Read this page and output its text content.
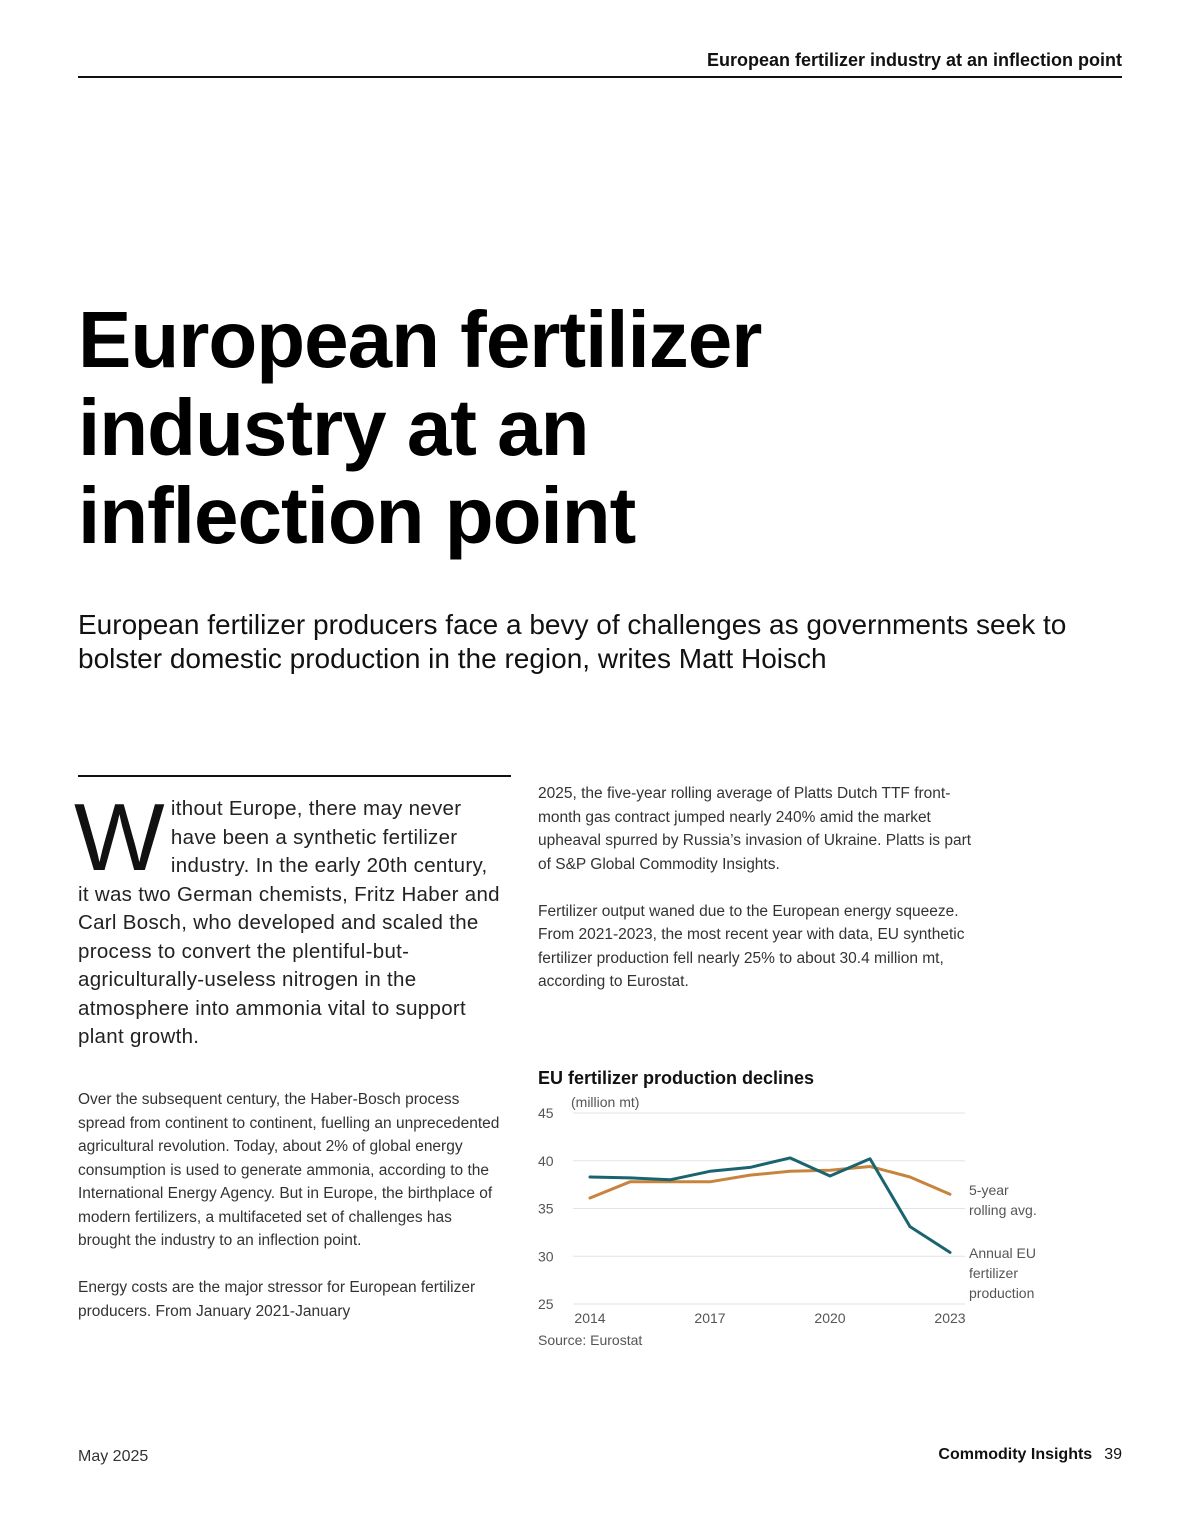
European fertilizer industry at an inflection point
European fertilizer
industry at an
inflection point

European fertilizer producers face a bevy of challenges as governments seek to bolster domestic production in the region, writes Matt Hoisch

Without Europe, there may never have been a synthetic fertilizer industry. In the early 20th century, it was two German chemists, Fritz Haber and Carl Bosch, who developed and scaled the process to convert the plentiful-but-agriculturally-useless nitrogen in the atmosphere into ammonia vital to support plant growth.

Over the subsequent century, the Haber-Bosch process spread from continent to continent, fuelling an unprecedented agricultural revolution. Today, about 2% of global energy consumption is used to generate ammonia, according to the International Energy Agency. But in Europe, the birthplace of modern fertilizers, a multifaceted set of challenges has brought the industry to an inflection point.

Energy costs are the major stressor for European fertilizer producers. From January 2021-January

2025, the five-year rolling average of Platts Dutch TTF front-month gas contract jumped nearly 240% amid the market upheaval spurred by Russia’s invasion of Ukraine. Platts is part of S&P Global Commodity Insights.

Fertilizer output waned due to the European energy squeeze. From 2021-2023, the most recent year with data, EU synthetic fertilizer production fell nearly 25% to about 30.4 million mt, according to Eurostat.

EU fertilizer production declines
45
40
35
30
25
(million mt)
2014	2017	2020	2023
Annual EU fertilizer production
5-year rolling avg.
Source: Eurostat
May 2025	Commodity Insights 39
